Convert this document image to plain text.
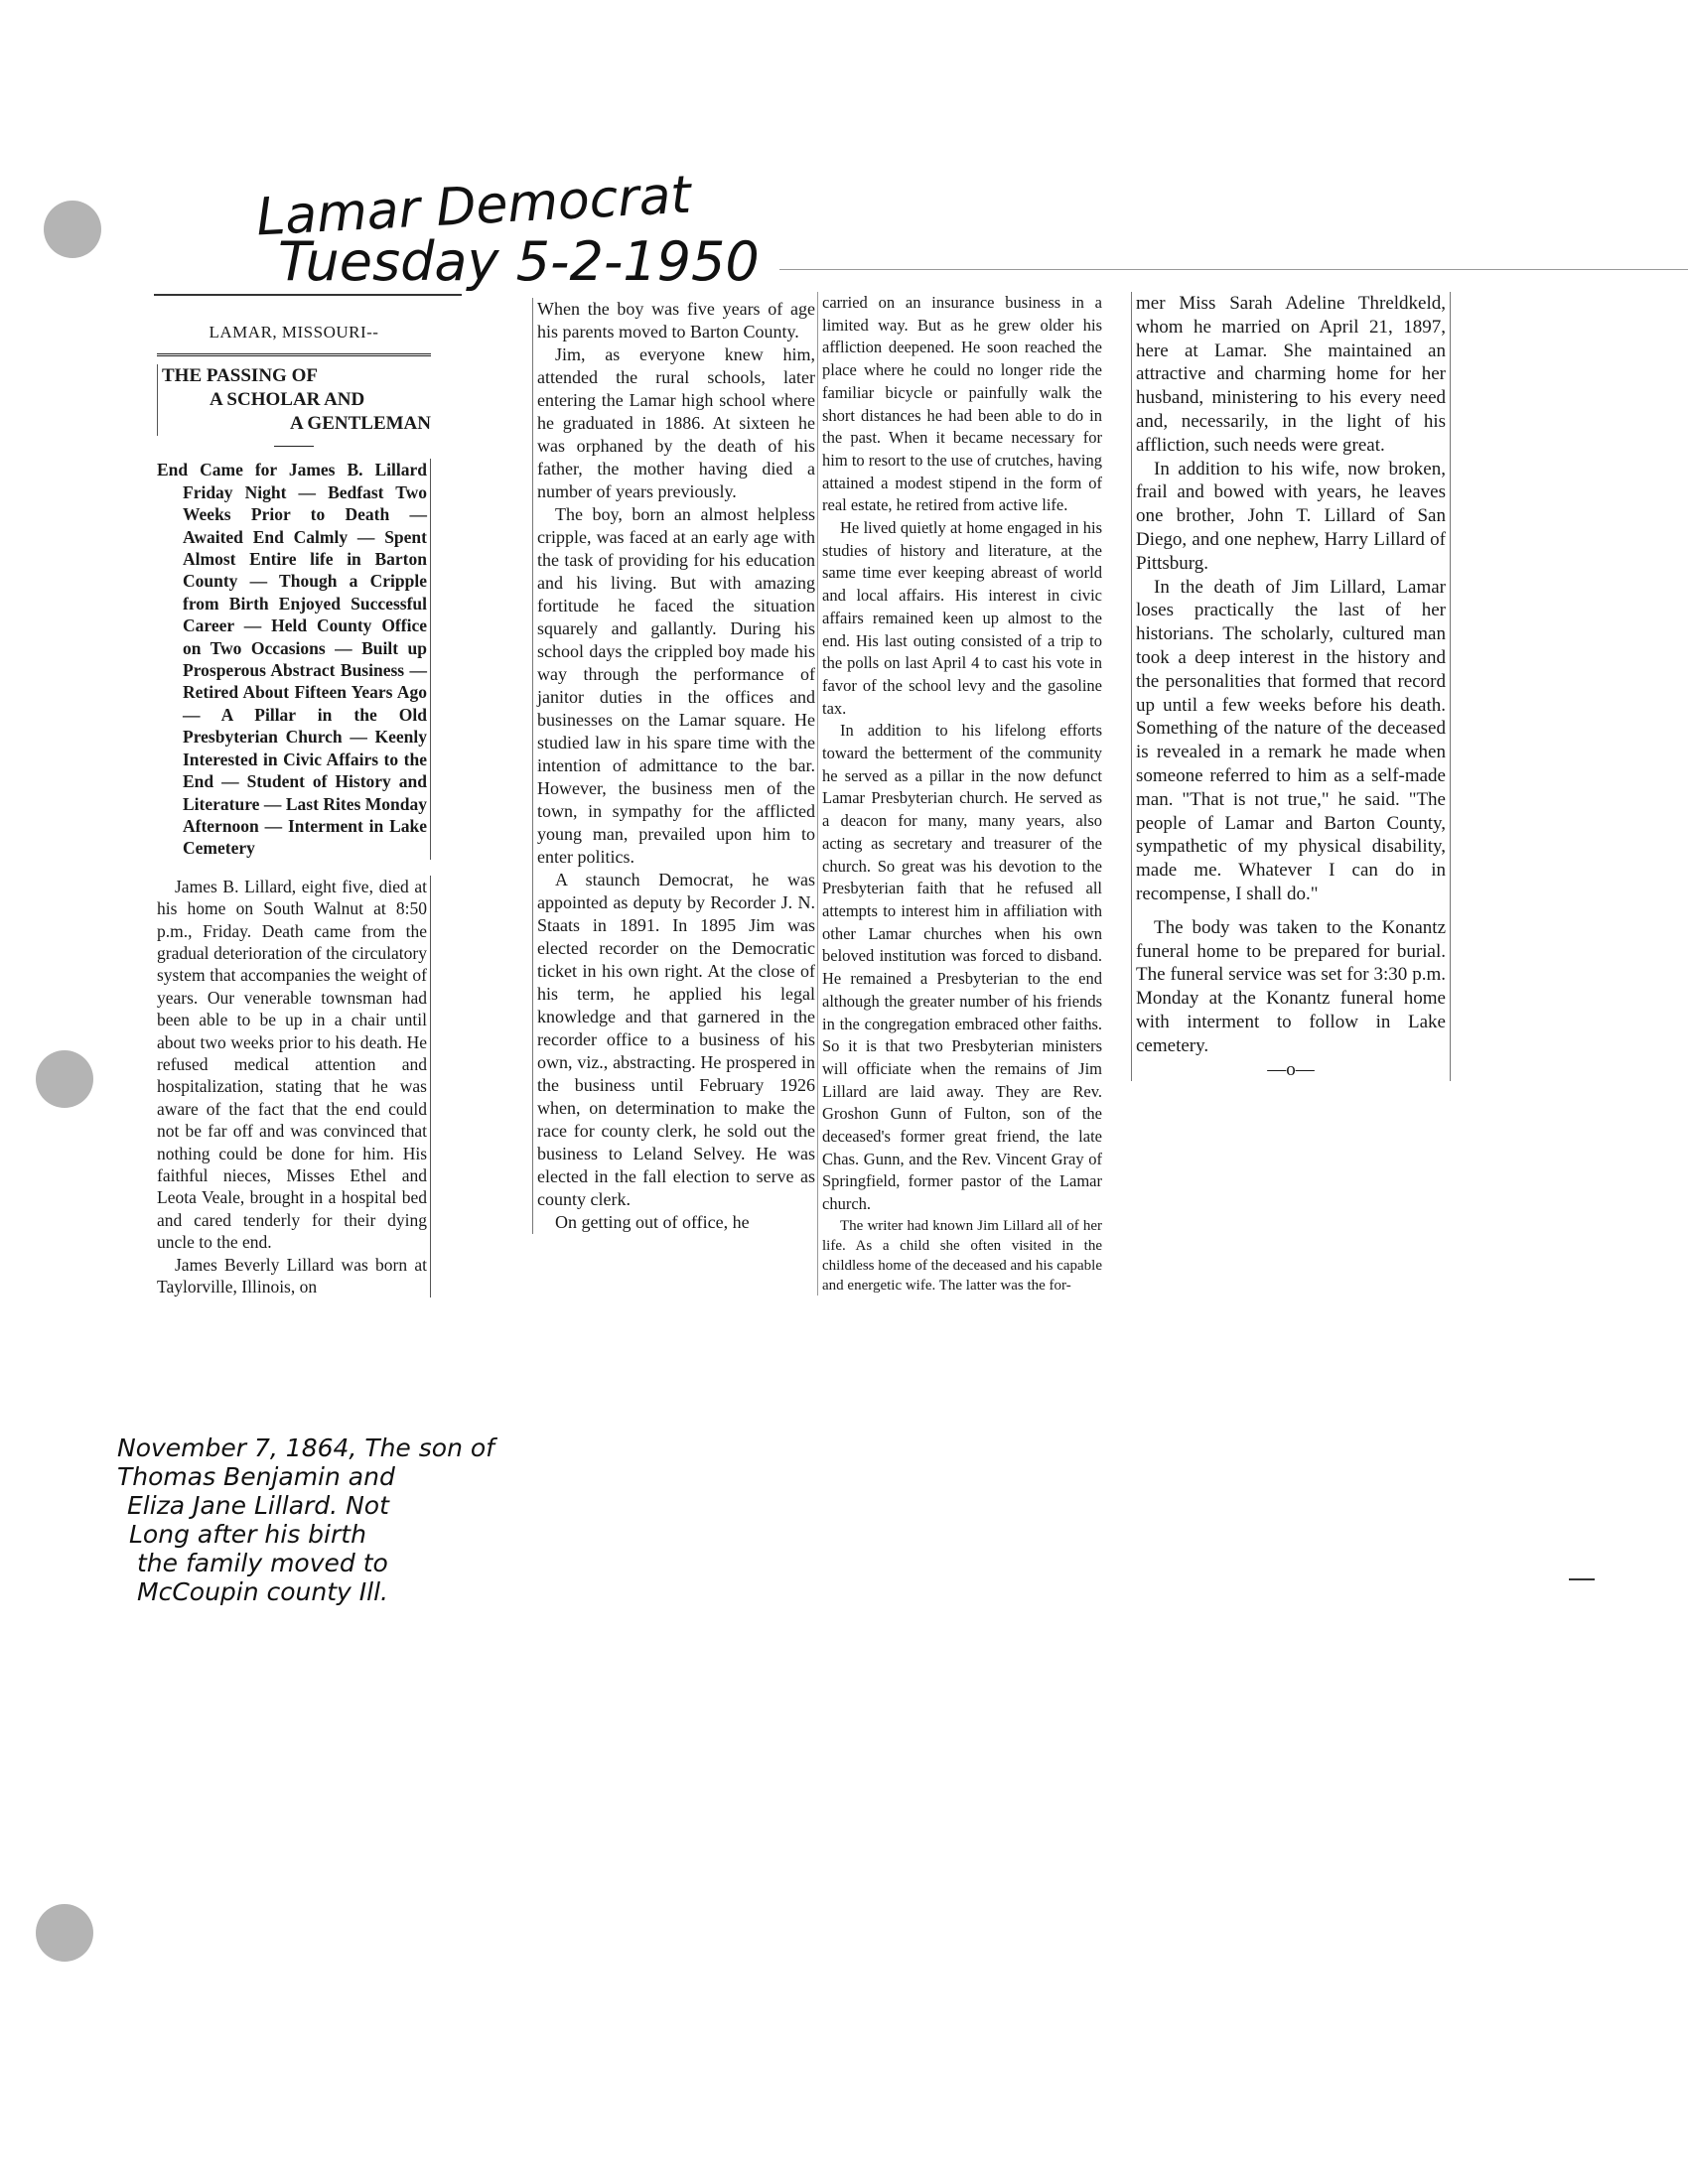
Lamar Democrat
Tuesday 5-2-1950
LAMAR, MISSOURI--
THE PASSING OF
A SCHOLAR AND
A GENTLEMAN
End Came for James B. Lillard Friday Night — Bedfast Two Weeks Prior to Death — Awaited End Calmly — Spent Almost Entire life in Barton County — Though a Cripple from Birth Enjoyed Successful Career — Held County Office on Two Occasions — Built up Prosperous Abstract Business — Retired About Fifteen Years Ago — A Pillar in the Old Presbyterian Church — Keenly Interested in Civic Affairs to the End — Student of History and Literature — Last Rites Monday Afternoon — Interment in Lake Cemetery

James B. Lillard, eight five, died at his home on South Walnut at 8:50 p.m., Friday. Death came from the gradual deterioration of the circulatory system that accompanies the weight of years. Our venerable townsman had been able to be up in a chair until about two weeks prior to his death. He refused medical attention and hospitalization, stating that he was aware of the fact that the end could not be far off and was convinced that nothing could be done for him. His faithful nieces, Misses Ethel and Leota Veale, brought in a hospital bed and cared tenderly for their dying uncle to the end.

James Beverly Lillard was born at Taylorville, Illinois, on

November 7, 1864, The son of
Thomas Benjamin and
Eliza Jane Lillard. Not
Long after his birth
the family moved to
McCoupin county Ill.

When the boy was five years of age his parents moved to Barton County.

Jim, as everyone knew him, attended the rural schools, later entering the Lamar high school where he graduated in 1886. At sixteen he was orphaned by the death of his father, the mother having died a number of years previously.

The boy, born an almost helpless cripple, was faced at an early age with the task of providing for his education and his living. But with amazing fortitude he faced the situation squarely and gallantly. During his school days the crippled boy made his way through the performance of janitor duties in the offices and businesses on the Lamar square. He studied law in his spare time with the intention of admittance to the bar. However, the business men of the town, in sympathy for the afflicted young man, prevailed upon him to enter politics.

A staunch Democrat, he was appointed as deputy by Recorder J. N. Staats in 1891. In 1895 Jim was elected recorder on the Democratic ticket in his own right. At the close of his term, he applied his legal knowledge and that garnered in the recorder office to a business of his own, viz., abstracting. He prospered in the business until February 1926 when, on determination to make the race for county clerk, he sold out the business to Leland Selvey. He was elected in the fall election to serve as county clerk.

On getting out of office, he

carried on an insurance business in a limited way. But as he grew older his affliction deepened. He soon reached the place where he could no longer ride the familiar bicycle or painfully walk the short distances he had been able to do in the past. When it became necessary for him to resort to the use of crutches, having attained a modest stipend in the form of real estate, he retired from active life.

He lived quietly at home engaged in his studies of history and literature, at the same time ever keeping abreast of world and local affairs. His interest in civic affairs remained keen up almost to the end. His last outing consisted of a trip to the polls on last April 4 to cast his vote in favor of the school levy and the gasoline tax.

In addition to his lifelong efforts toward the betterment of the community he served as a pillar in the now defunct Lamar Presbyterian church. He served as a deacon for many, many years, also acting as secretary and treasurer of the church. So great was his devotion to the Presbyterian faith that he refused all attempts to interest him in affiliation with other Lamar churches when his own beloved institution was forced to disband. He remained a Presbyterian to the end although the greater number of his friends in the congregation embraced other faiths. So it is that two Presbyterian ministers will officiate when the remains of Jim Lillard are laid away. They are Rev. Groshon Gunn of Fulton, son of the deceased's former great friend, the late Chas. Gunn, and the Rev. Vincent Gray of Springfield, former pastor of the Lamar church.

The writer had known Jim Lillard all of her life. As a child she often visited in the childless home of the deceased and his capable and energetic wife. The latter was the for-

mer Miss Sarah Adeline Threldkeld, whom he married on April 21, 1897, here at Lamar. She maintained an attractive and charming home for her husband, ministering to his every need and, necessarily, in the light of his affliction, such needs were great.

In addition to his wife, now broken, frail and bowed with years, he leaves one brother, John T. Lillard of San Diego, and one nephew, Harry Lillard of Pittsburg.

In the death of Jim Lillard, Lamar loses practically the last of her historians. The scholarly, cultured man took a deep interest in the history and the personalities that formed that record up until a few weeks before his death. Something of the nature of the deceased is revealed in a remark he made when someone referred to him as a self-made man. "That is not true," he said. "The people of Lamar and Barton County, sympathetic of my physical disability, made me. Whatever I can do in recompense, I shall do."

The body was taken to the Konantz funeral home to be prepared for burial. The funeral service was set for 3:30 p.m. Monday at the Konantz funeral home with interment to follow in Lake cemetery.

—o—
